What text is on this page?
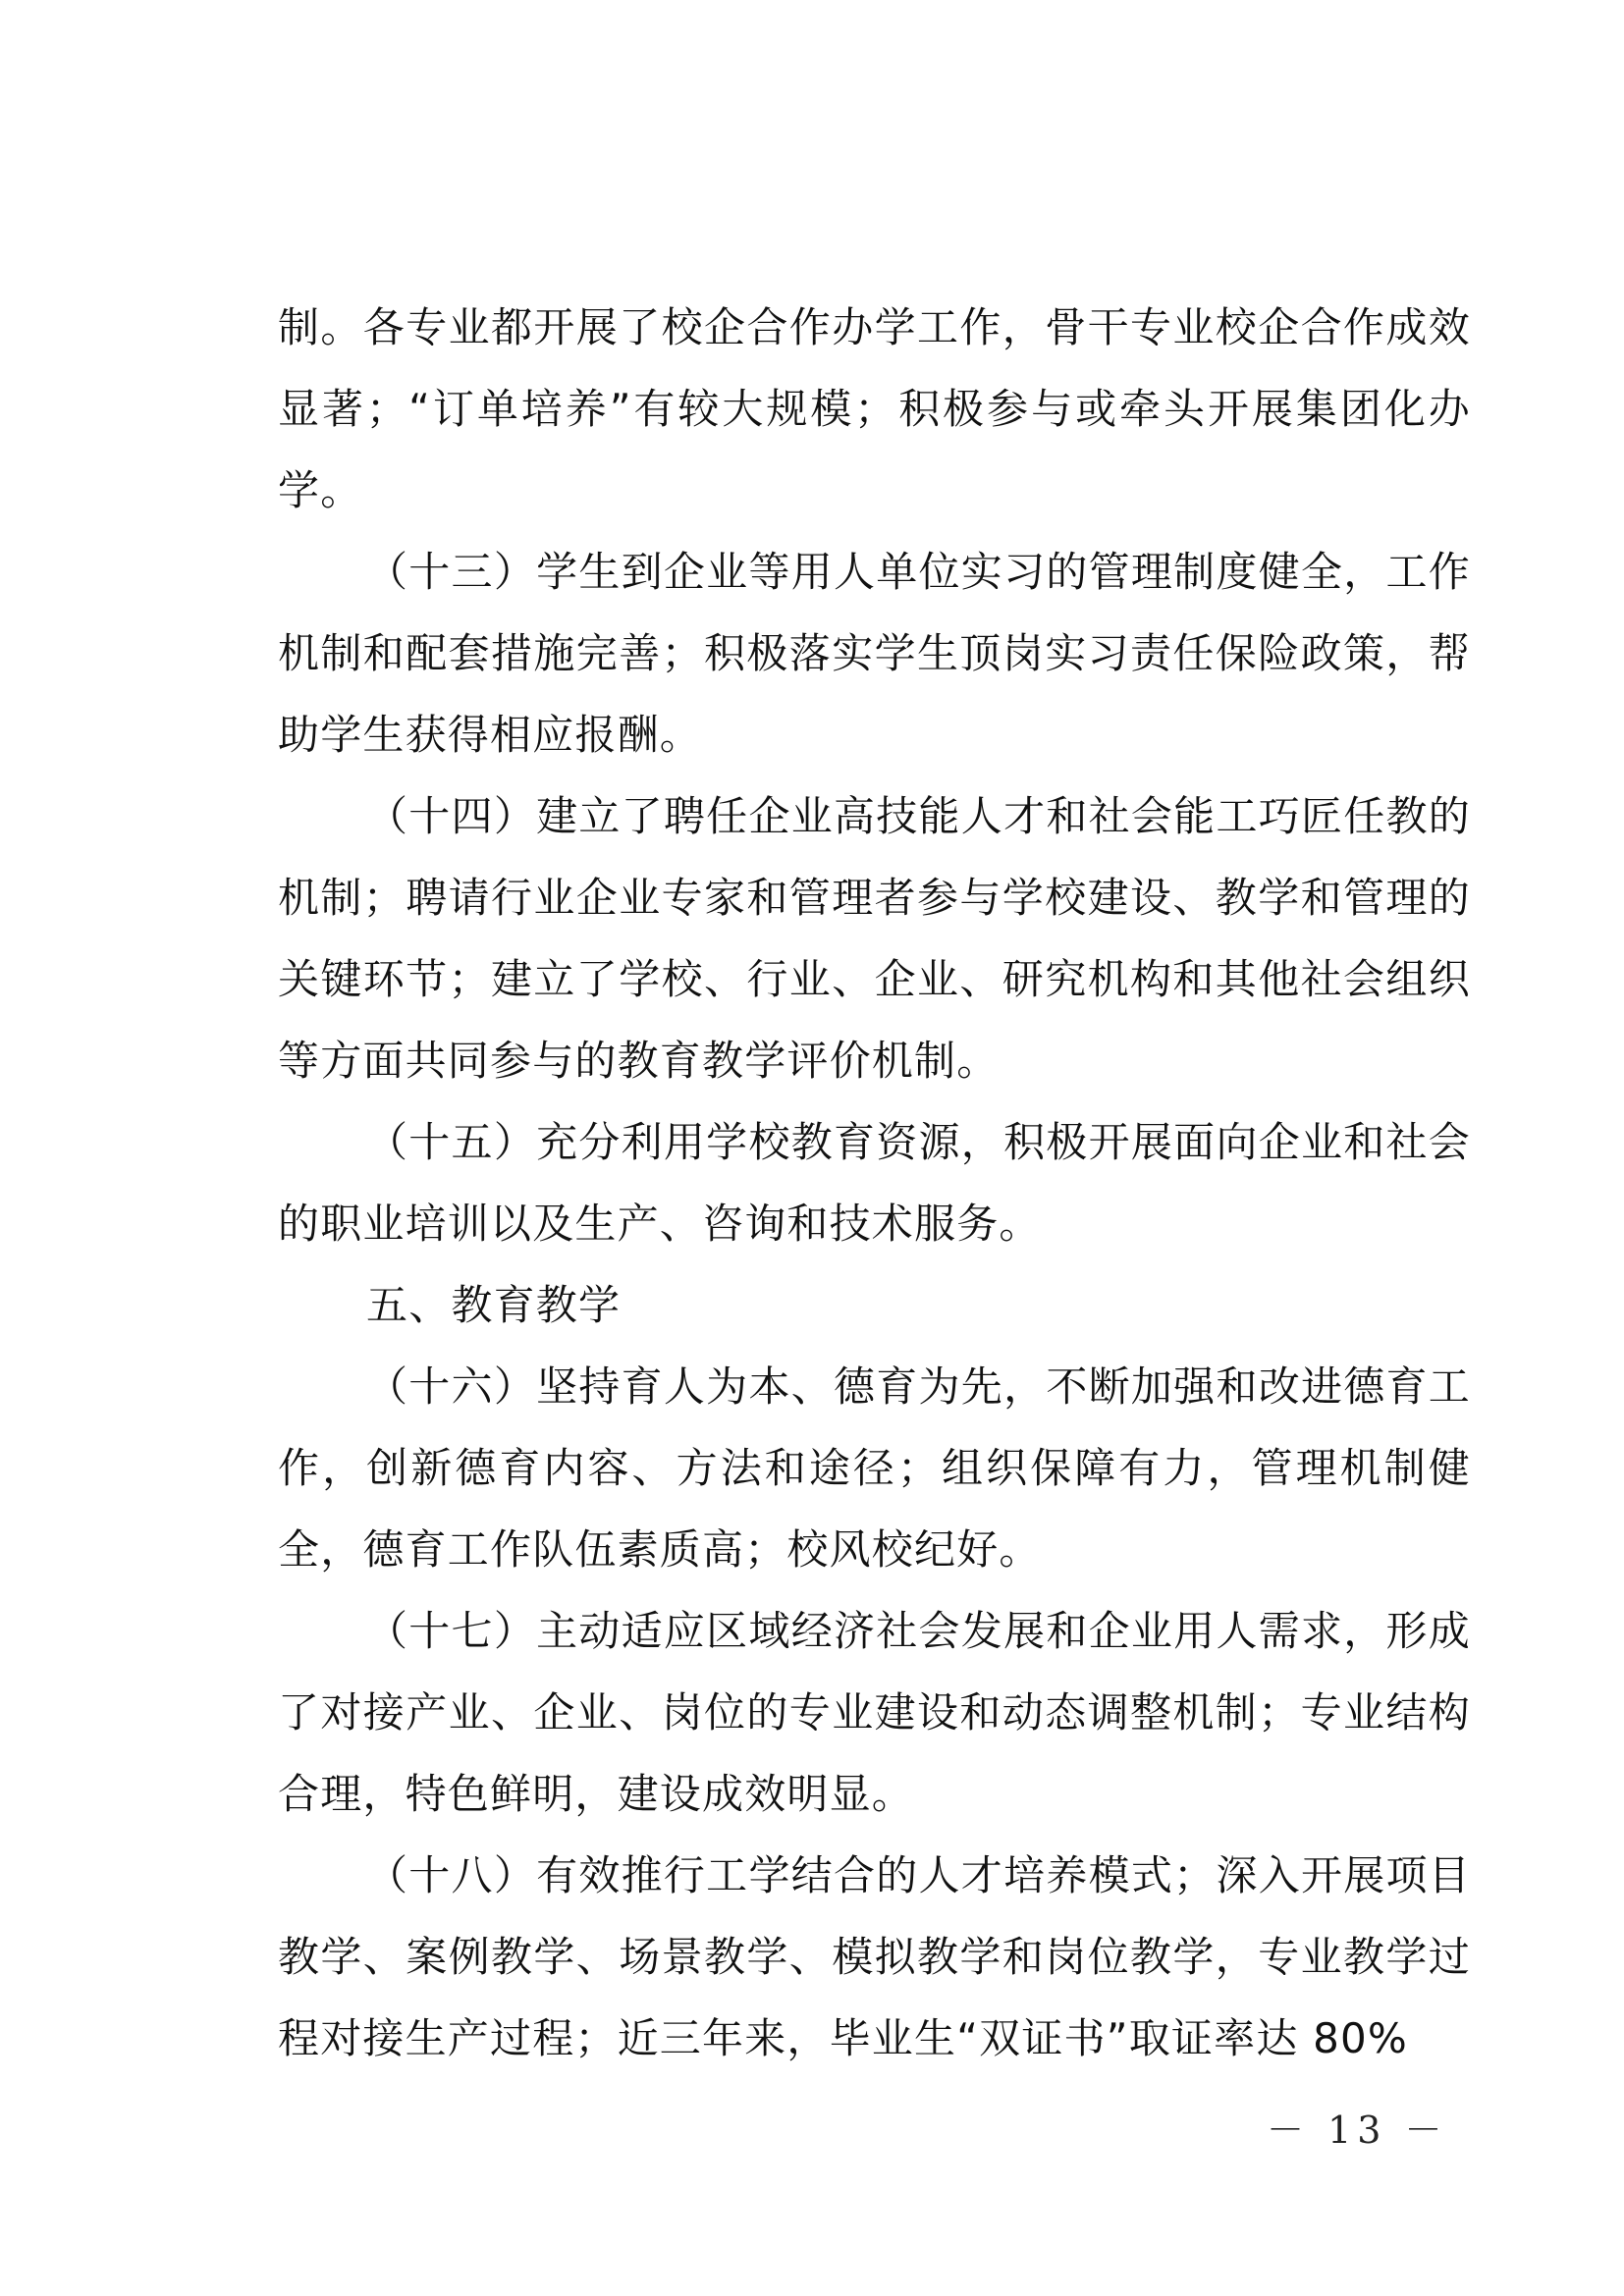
制。各专业都开展了校企合作办学工作，骨干专业校企合作成效显著；“订单培养”有较大规模；积极参与或牵头开展集团化办学。

（十三）学生到企业等用人单位实习的管理制度健全，工作机制和配套措施完善；积极落实学生顶岗实习责任保险政策，帮助学生获得相应报酬。

（十四）建立了聘任企业高技能人才和社会能工巧匠任教的机制；聘请行业企业专家和管理者参与学校建设、教学和管理的关键环节；建立了学校、行业、企业、研究机构和其他社会组织等方面共同参与的教育教学评价机制。

（十五）充分利用学校教育资源，积极开展面向企业和社会的职业培训以及生产、咨询和技术服务。

五、教育教学

（十六）坚持育人为本、德育为先，不断加强和改进德育工作，创新德育内容、方法和途径；组织保障有力，管理机制健全，德育工作队伍素质高；校风校纪好。

（十七）主动适应区域经济社会发展和企业用人需求，形成了对接产业、企业、岗位的专业建设和动态调整机制；专业结构合理，特色鲜明，建设成效明显。

（十八）有效推行工学结合的人才培养模式；深入开展项目教学、案例教学、场景教学、模拟教学和岗位教学，专业教学过程对接生产过程；近三年来，毕业生“双证书”取证率达 80%

－ 13 －
